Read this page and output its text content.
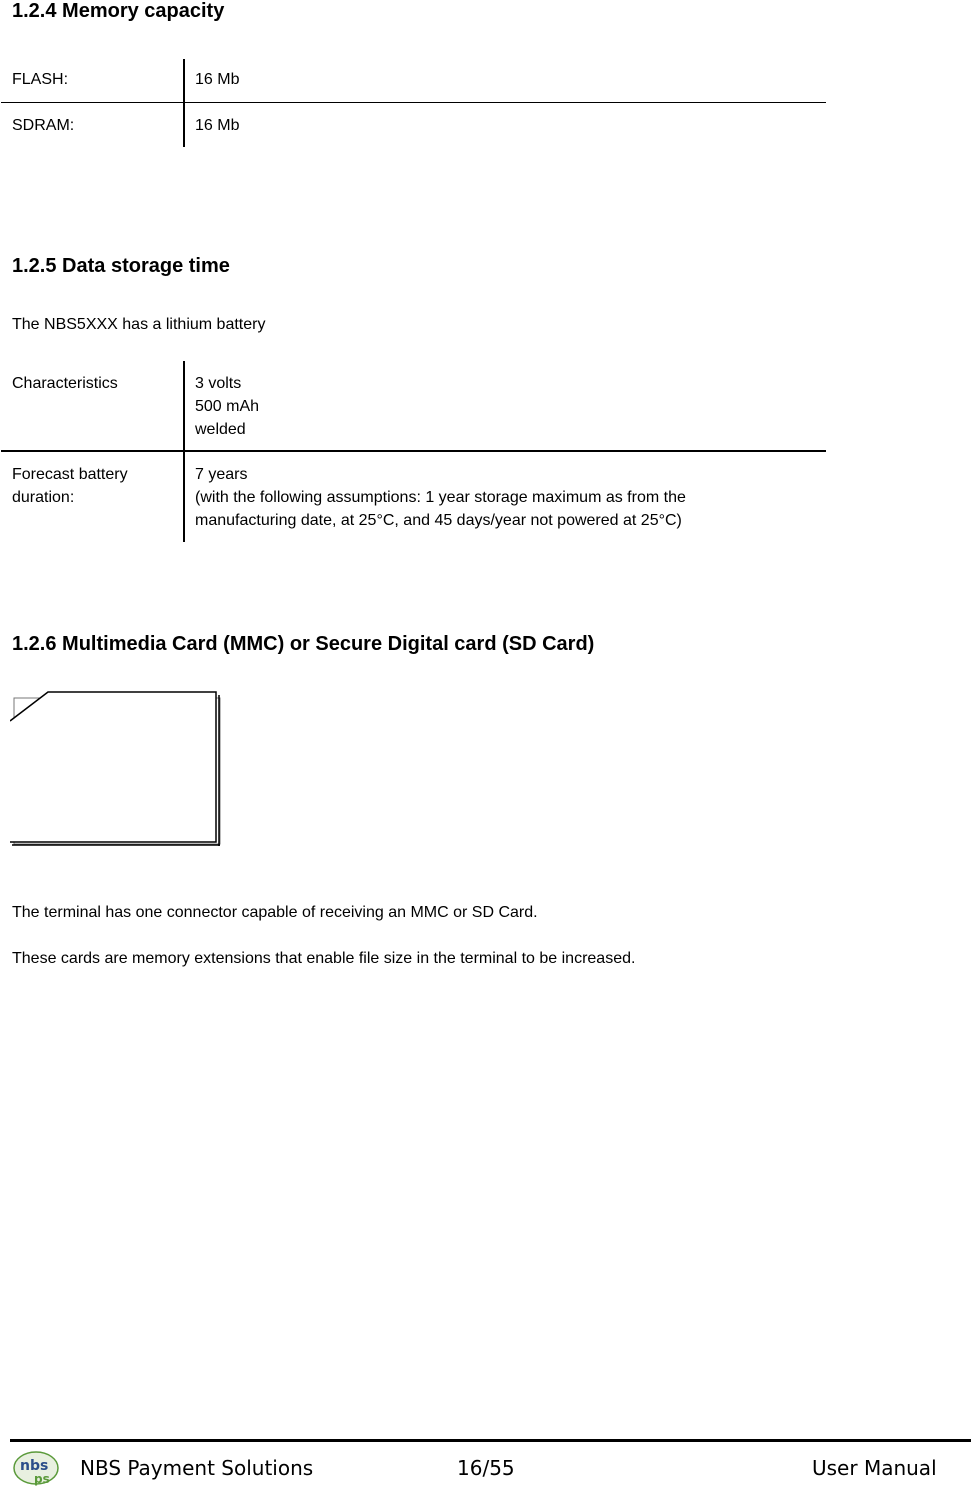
1.2.4 Memory capacity
FLASH:	16 Mb
SDRAM:	16 Mb
1.2.5 Data storage time

The NBS5XXX has a lithium battery

Characteristics	3 volts
500 mAh
welded

Forecast battery
duration:	7 years
(with the following assumptions: 1 year storage maximum as from the
manufacturing date, at 25°C, and 45 days/year not powered at 25°C)
1.2.6 Multimedia Card (MMC) or Secure Digital card (SD Card)

The terminal has one connector capable of receiving an MMC or SD Card.

These cards are memory extensions that enable file size in the terminal to be increased.

nbs
ps NBS Payment Solutions	16/55	User Manual
